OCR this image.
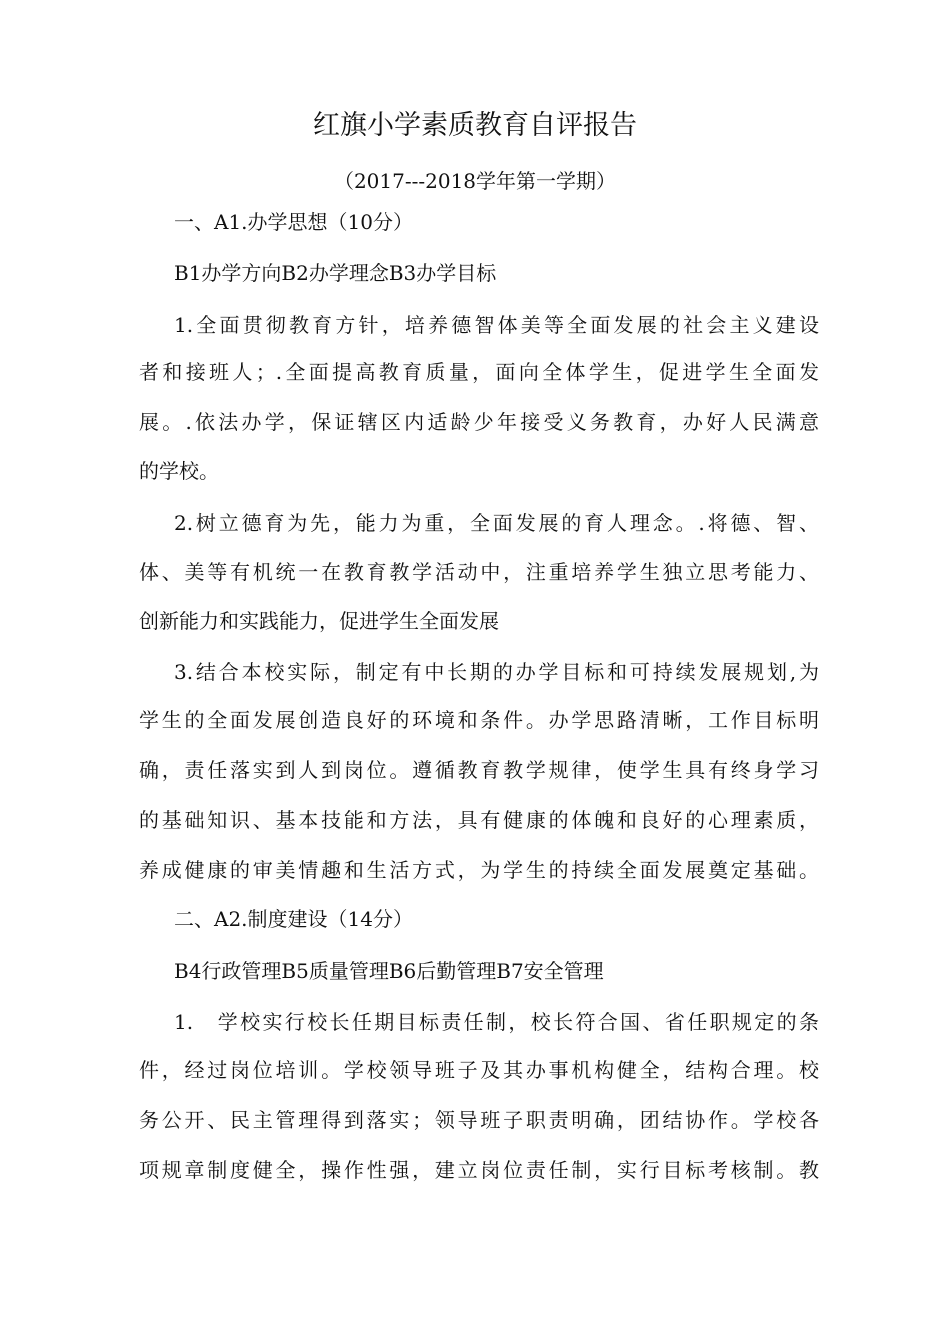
红旗小学素质教育自评报告
（2017---2018学年第一学期）
一、A1.办学思想（10分）
B1办学方向B2办学理念B3办学目标
1.全面贯彻教育方针，培养德智体美等全面发展的社会主义建设
者和接班人；.全面提高教育质量，面向全体学生，促进学生全面发
展。.依法办学，保证辖区内适龄少年接受义务教育，办好人民满意
的学校。
2.树立德育为先，能力为重，全面发展的育人理念。.将德、智、
体、美等有机统一在教育教学活动中，注重培养学生独立思考能力、
创新能力和实践能力，促进学生全面发展
3.结合本校实际，制定有中长期的办学目标和可持续发展规划,为
学生的全面发展创造良好的环境和条件。办学思路清晰，工作目标明
确，责任落实到人到岗位。遵循教育教学规律，使学生具有终身学习
的基础知识、基本技能和方法，具有健康的体魄和良好的心理素质，
养成健康的审美情趣和生活方式，为学生的持续全面发展奠定基础。
二、A2.制度建设（14分）
B4行政管理B5质量管理B6后勤管理B7安全管理
1.　学校实行校长任期目标责任制，校长符合国、省任职规定的条
件，经过岗位培训。学校领导班子及其办事机构健全，结构合理。校
务公开、民主管理得到落实；领导班子职责明确，团结协作。学校各
项规章制度健全，操作性强，建立岗位责任制，实行目标考核制。教
